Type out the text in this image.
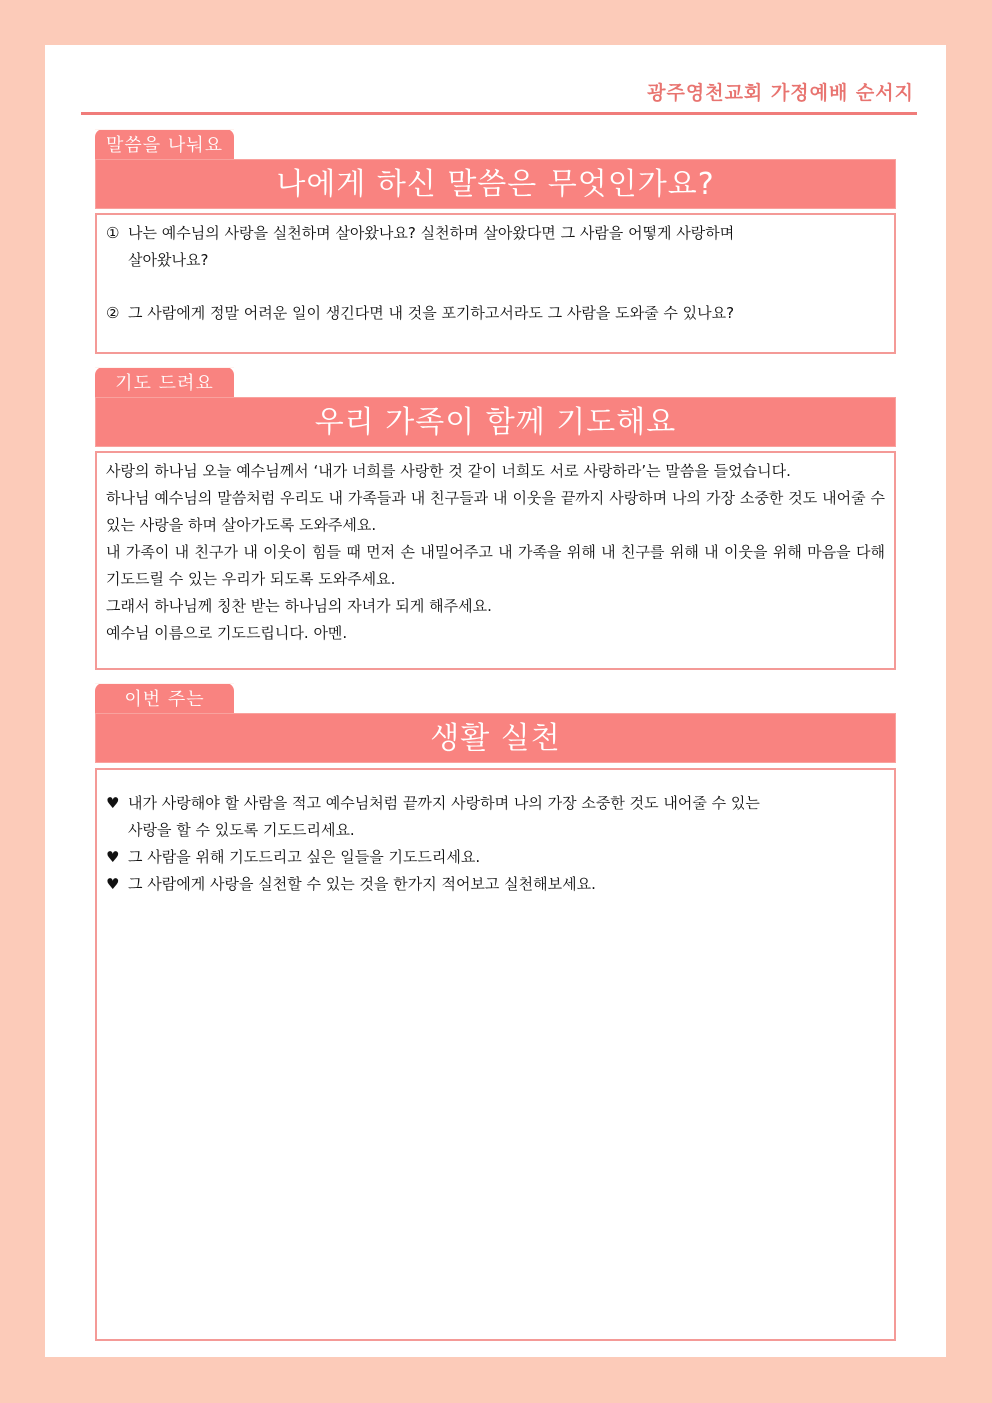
광주영천교회 가정예배 순서지
말씀을 나눠요
나에게 하신 말씀은 무엇인가요?
① 나는 예수님의 사랑을 실천하며 살아왔나요? 실천하며 살아왔다면 그 사람을 어떻게 사랑하며
살아왔나요?
② 그 사람에게 정말 어려운 일이 생긴다면 내 것을 포기하고서라도 그 사람을 도와줄 수 있나요?
기도 드려요
우리 가족이 함께 기도해요

사랑의 하나님 오늘 예수님께서 ‘내가 너희를 사랑한 것 같이 너희도 서로 사랑하라’는 말씀을 들었습니다.

하나님 예수님의 말씀처럼 우리도 내 가족들과 내 친구들과 내 이웃을 끝까지 사랑하며 나의 가장 소중한 것도 내어줄 수 있는 사랑을 하며 살아가도록 도와주세요.

내 가족이 내 친구가 내 이웃이 힘들 때 먼저 손 내밀어주고 내 가족을 위해 내 친구를 위해 내 이웃을 위해 마음을 다해 기도드릴 수 있는 우리가 되도록 도와주세요.

그래서 하나님께 칭찬 받는 하나님의 자녀가 되게 해주세요.

예수님 이름으로 기도드립니다. 아멘.

이번 주는
생활 실천
♥ 내가 사랑해야 할 사람을 적고 예수님처럼 끝까지 사랑하며 나의 가장 소중한 것도 내어줄 수 있는
사랑을 할 수 있도록 기도드리세요.
♥ 그 사람을 위해 기도드리고 싶은 일들을 기도드리세요.
♥ 그 사람에게 사랑을 실천할 수 있는 것을 한가지 적어보고 실천해보세요.
